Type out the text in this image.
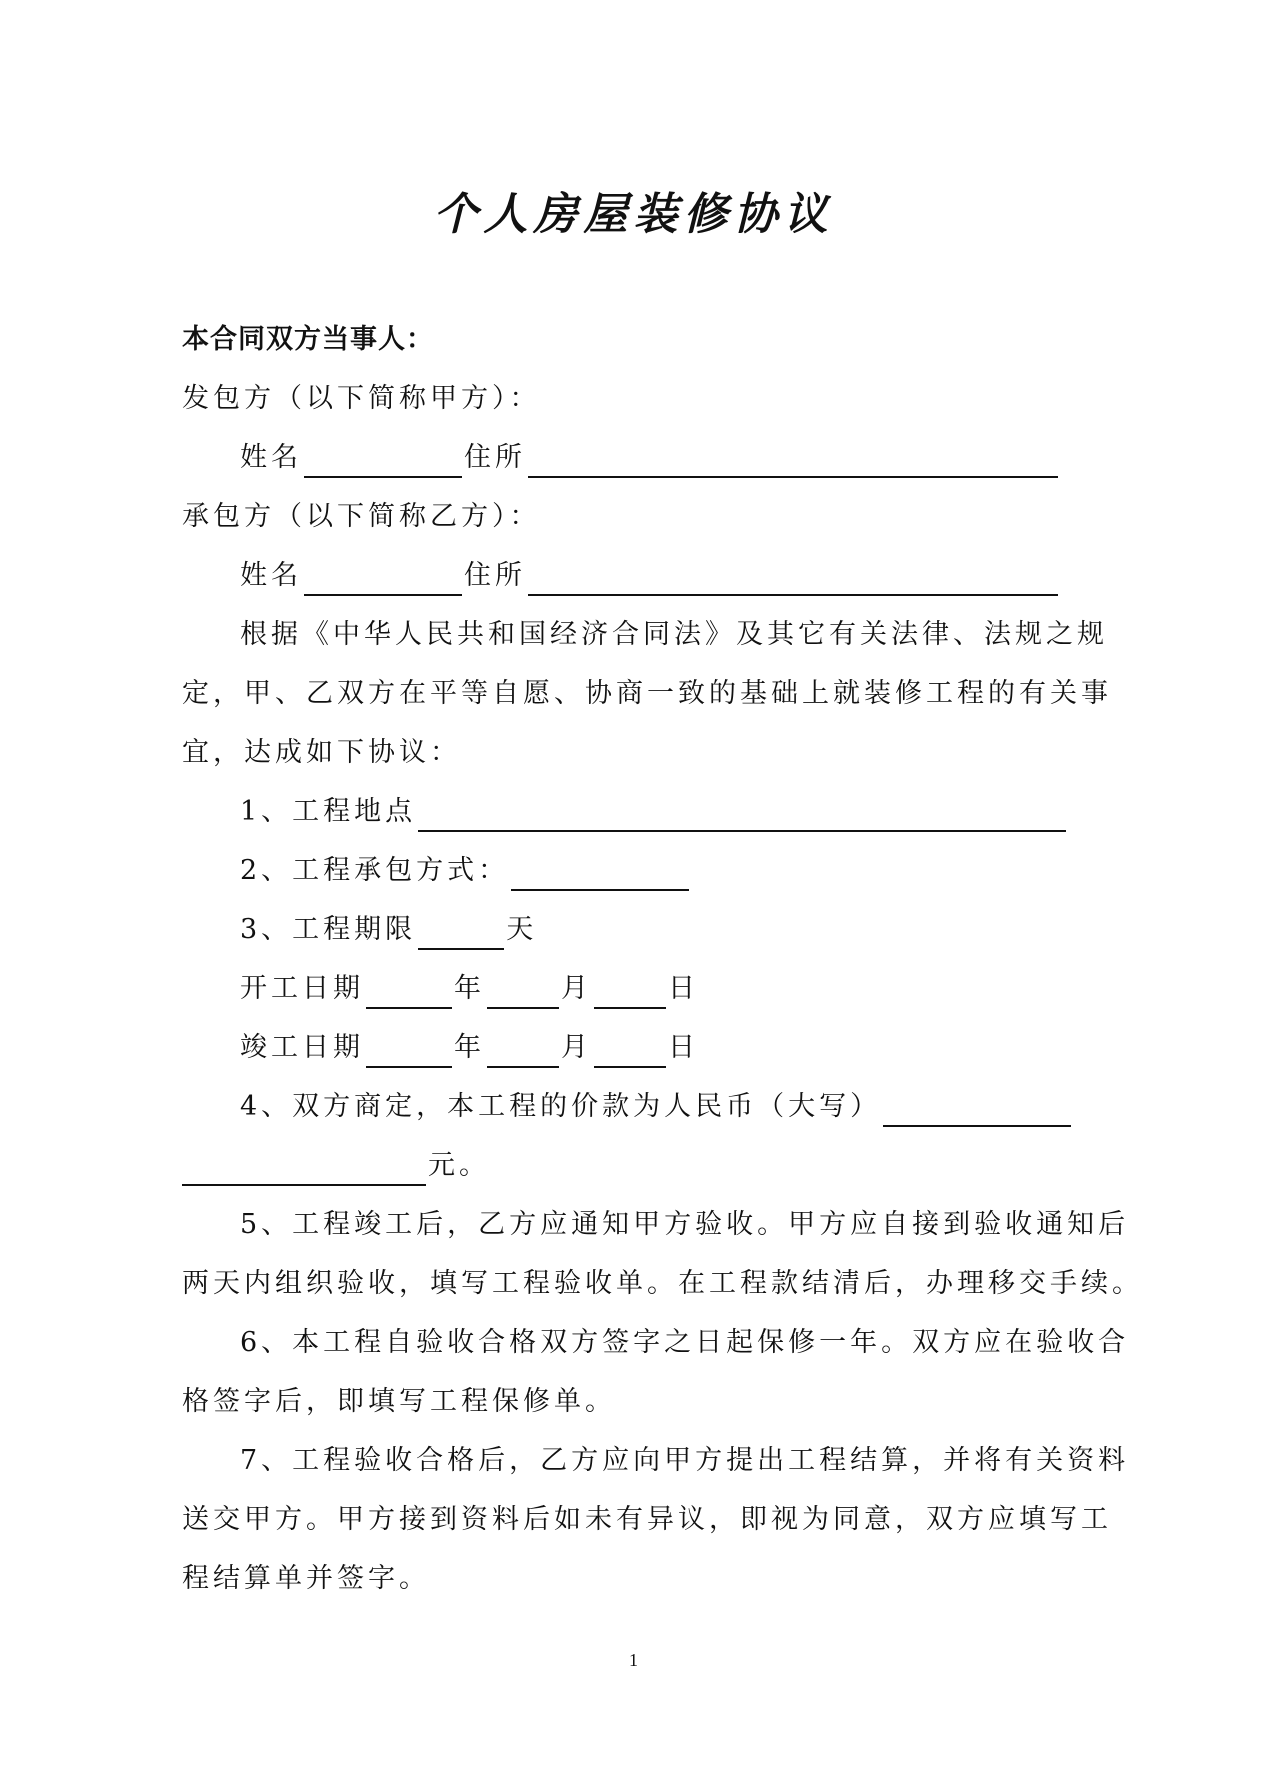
个人房屋装修协议
本合同双方当事人：
发包方（以下简称甲方）：
姓名	住所
承包方（以下简称乙方）：
姓名	住所
根据《中华人民共和国经济合同法》及其它有关法律、法规之规
定，甲、乙双方在平等自愿、协商一致的基础上就装修工程的有关事
宜，达成如下协议：
1、工程地点
2、工程承包方式：
3、工程期限	天
开工日期	年	月	日
竣工日期	年	月	日
4、双方商定，本工程的价款为人民币（大写）
元。
5、工程竣工后，乙方应通知甲方验收。甲方应自接到验收通知后
两天内组织验收，填写工程验收单。在工程款结清后，办理移交手续。
6、本工程自验收合格双方签字之日起保修一年。双方应在验收合
格签字后，即填写工程保修单。
7、工程验收合格后，乙方应向甲方提出工程结算，并将有关资料
送交甲方。甲方接到资料后如未有异议，即视为同意，双方应填写工
程结算单并签字。
1
